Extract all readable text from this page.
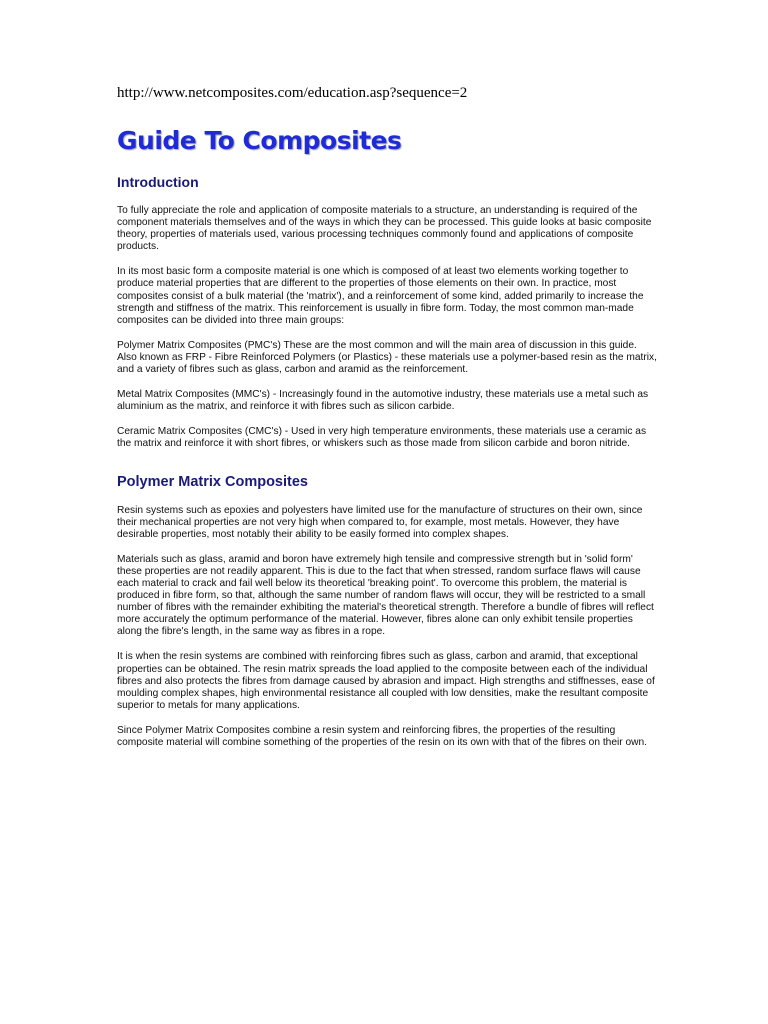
http://www.netcomposites.com/education.asp?sequence=2

Guide To Composites
Introduction

To fully appreciate the role and application of composite materials to a structure, an understanding is required of the component materials themselves and of the ways in which they can be processed. This guide looks at basic composite theory, properties of materials used, various processing techniques commonly found and applications of composite products.

In its most basic form a composite material is one which is composed of at least two elements working together to produce material properties that are different to the properties of those elements on their own. In practice, most composites consist of a bulk material (the 'matrix'), and a reinforcement of some kind, added primarily to increase the strength and stiffness of the matrix. This reinforcement is usually in fibre form. Today, the most common man-made composites can be divided into three main groups:

Polymer Matrix Composites (PMC's) These are the most common and will the main area of discussion in this guide. Also known as FRP - Fibre Reinforced Polymers (or Plastics) - these materials use a polymer-based resin as the matrix, and a variety of fibres such as glass, carbon and aramid as the reinforcement.

Metal Matrix Composites (MMC's) - Increasingly found in the automotive industry, these materials use a metal such as aluminium as the matrix, and reinforce it with fibres such as silicon carbide.

Ceramic Matrix Composites (CMC's) - Used in very high temperature environments, these materials use a ceramic as the matrix and reinforce it with short fibres, or whiskers such as those made from silicon carbide and boron nitride.

Polymer Matrix Composites

Resin systems such as epoxies and polyesters have limited use for the manufacture of structures on their own, since their mechanical properties are not very high when compared to, for example, most metals. However, they have desirable properties, most notably their ability to be easily formed into complex shapes.

Materials such as glass, aramid and boron have extremely high tensile and compressive strength but in 'solid form' these properties are not readily apparent. This is due to the fact that when stressed, random surface flaws will cause each material to crack and fail well below its theoretical 'breaking point'. To overcome this problem, the material is produced in fibre form, so that, although the same number of random flaws will occur, they will be restricted to a small number of fibres with the remainder exhibiting the material's theoretical strength. Therefore a bundle of fibres will reflect more accurately the optimum performance of the material. However, fibres alone can only exhibit tensile properties along the fibre's length, in the same way as fibres in a rope.

It is when the resin systems are combined with reinforcing fibres such as glass, carbon and aramid, that exceptional properties can be obtained. The resin matrix spreads the load applied to the composite between each of the individual fibres and also protects the fibres from damage caused by abrasion and impact. High strengths and stiffnesses, ease of moulding complex shapes, high environmental resistance all coupled with low densities, make the resultant composite superior to metals for many applications.

Since Polymer Matrix Composites combine a resin system and reinforcing fibres, the properties of the resulting composite material will combine something of the properties of the resin on its own with that of the fibres on their own.
